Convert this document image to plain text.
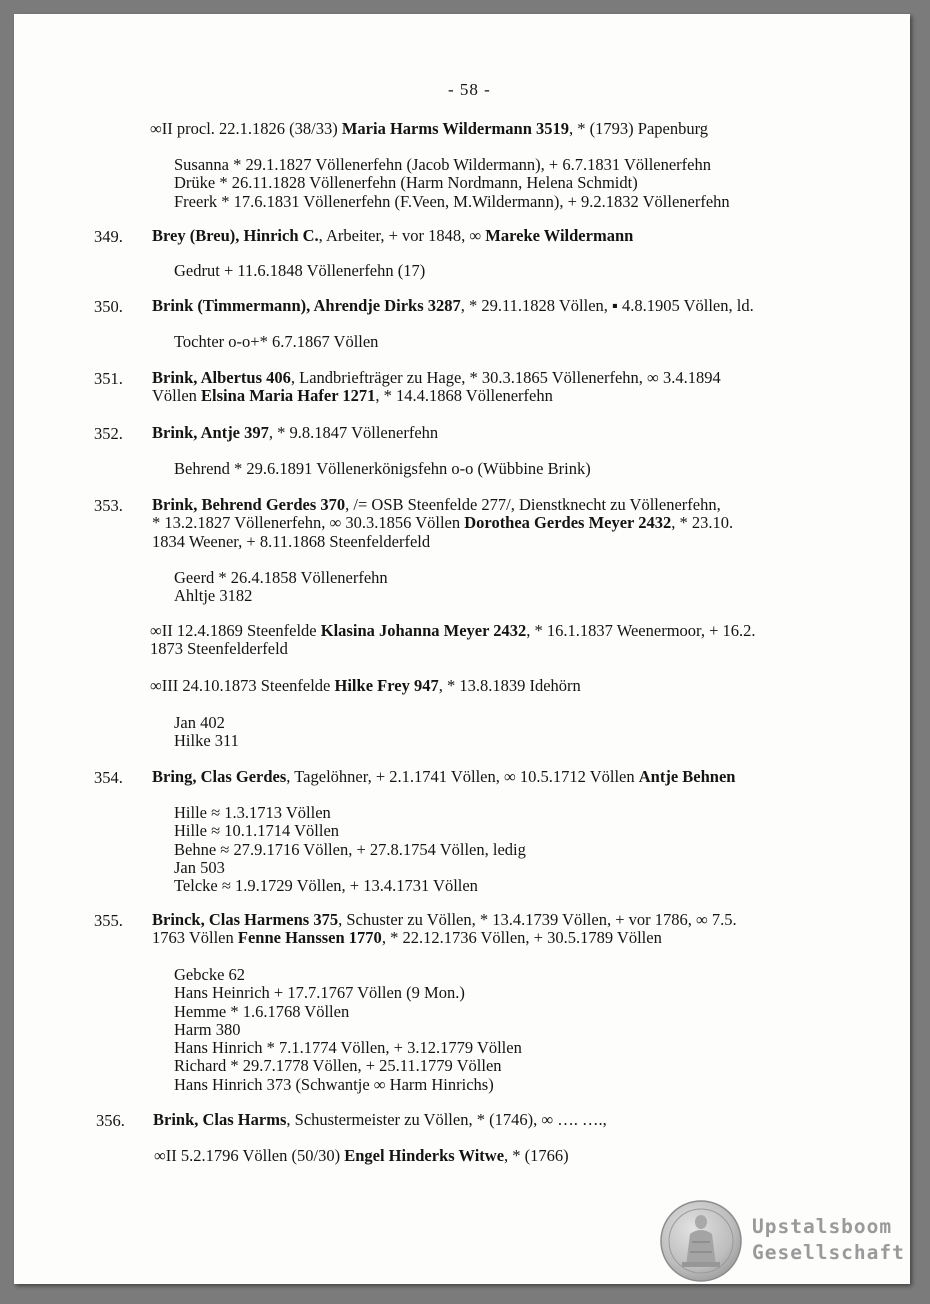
- 58 -
∞II procl. 22.1.1826 (38/33) Maria Harms Wildermann 3519, * (1793) Papenburg
Susanna * 29.1.1827 Völlenerfehn (Jacob Wildermann), + 6.7.1831 Völlenerfehn
Drüke * 26.11.1828 Völlenerfehn (Harm Nordmann, Helena Schmidt)
Freerk * 17.6.1831 Völlenerfehn (F.Veen, M.Wildermann), + 9.2.1832 Völlenerfehn
349. Brey (Breu), Hinrich C., Arbeiter, + vor 1848, ∞ Mareke Wildermann
Gedrut + 11.6.1848 Völlenerfehn (17)
350. Brink (Timmermann), Ahrendje Dirks 3287, * 29.11.1828 Völlen, ▪ 4.8.1905 Völlen, ld.
Tochter o-o+* 6.7.1867 Völlen
351. Brink, Albertus 406, Landbriefträger zu Hage, * 30.3.1865 Völlenerfehn, ∞ 3.4.1894
Völlen Elsina Maria Hafer 1271, * 14.4.1868 Völlenerfehn
352. Brink, Antje 397, * 9.8.1847 Völlenerfehn
Behrend * 29.6.1891 Völlenerkönigsfehn o-o (Wübbine Brink)
353. Brink, Behrend Gerdes 370, /= OSB Steenfelde 277/, Dienstknecht zu Völlenerfehn,
* 13.2.1827 Völlenerfehn, ∞ 30.3.1856 Völlen Dorothea Gerdes Meyer 2432, * 23.10.
1834 Weener, + 8.11.1868 Steenfelderfeld
Geerd * 26.4.1858 Völlenerfehn
Ahltje 3182
∞II 12.4.1869 Steenfelde Klasina Johanna Meyer 2432, * 16.1.1837 Weenermoor, + 16.2.
1873 Steenfelderfeld
∞III 24.10.1873 Steenfelde Hilke Frey 947, * 13.8.1839 Idehörn
Jan 402
Hilke 311
354. Bring, Clas Gerdes, Tagelöhner, + 2.1.1741 Völlen, ∞ 10.5.1712 Völlen Antje Behnen
Hille ≈ 1.3.1713 Völlen
Hille ≈ 10.1.1714 Völlen
Behne ≈ 27.9.1716 Völlen, + 27.8.1754 Völlen, ledig
Jan 503
Telcke ≈ 1.9.1729 Völlen, + 13.4.1731 Völlen
355. Brinck, Clas Harmens 375, Schuster zu Völlen, * 13.4.1739 Völlen, + vor 1786, ∞ 7.5.
1763 Völlen Fenne Hanssen 1770, * 22.12.1736 Völlen, + 30.5.1789 Völlen
Gebcke 62
Hans Heinrich + 17.7.1767 Völlen (9 Mon.)
Hemme * 1.6.1768 Völlen
Harm 380
Hans Hinrich * 7.1.1774 Völlen, + 3.12.1779 Völlen
Richard * 29.7.1778 Völlen, + 25.11.1779 Völlen
Hans Hinrich 373 (Schwantje ∞ Harm Hinrichs)
356. Brink, Clas Harms, Schustermeister zu Völlen, * (1746), ∞ …. ….,
∞II 5.2.1796 Völlen (50/30) Engel Hinderks Witwe, * (1766)
Upstalsboom
Gesellschaft
